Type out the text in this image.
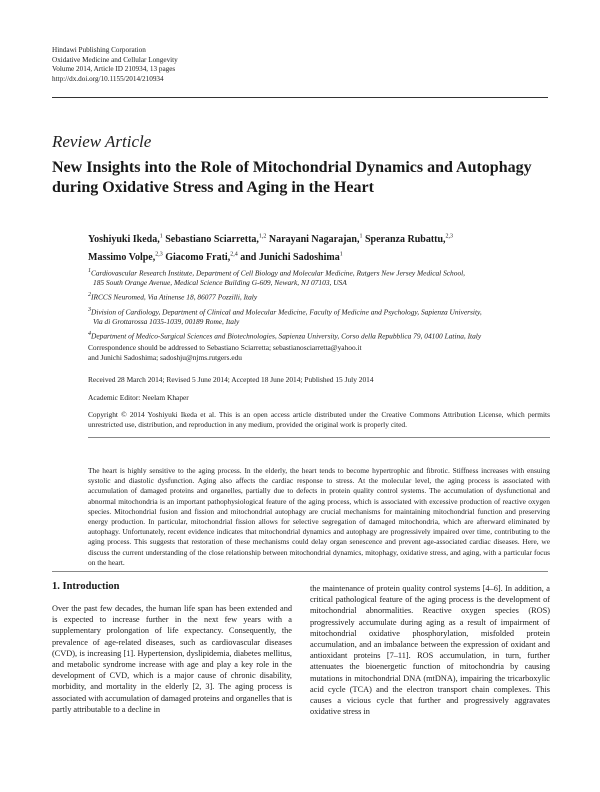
Hindawi Publishing Corporation
Oxidative Medicine and Cellular Longevity
Volume 2014, Article ID 210934, 13 pages
http://dx.doi.org/10.1155/2014/210934
Review Article
New Insights into the Role of Mitochondrial Dynamics and Autophagy during Oxidative Stress and Aging in the Heart
Yoshiyuki Ikeda,$^1$ Sebastiano Sciarretta,$^{1,2}$ Narayani Nagarajan,$^1$ Speranza Rubattu,$^{2,3}$
Massimo Volpe,$^{2,3}$ Giacomo Frati,$^{2,4}$ and Junichi Sadoshima$^1$
$^1$Cardiovascular Research Institute, Department of Cell Biology and Molecular Medicine, Rutgers New Jersey Medical School,
185 South Orange Avenue, Medical Science Building G-609, Newark, NJ 07103, USA
$^2$IRCCS Neuromed, Via Atinense 18, 86077 Pozzilli, Italy
$^3$Division of Cardiology, Department of Clinical and Molecular Medicine, Faculty of Medicine and Psychology, Sapienza University,
Via di Grottarossa 1035-1039, 00189 Rome, Italy
$^4$Department of Medico-Surgical Sciences and Biotechnologies, Sapienza University, Corso della Repubblica 79, 04100 Latina, Italy
Correspondence should be addressed to Sebastiano Sciarretta; sebastianosciarretta@yahoo.it
and Junichi Sadoshima; sadoshju@njms.rutgers.edu
Received 28 March 2014; Revised 5 June 2014; Accepted 18 June 2014; Published 15 July 2014
Academic Editor: Neelam Khaper
Copyright © 2014 Yoshiyuki Ikeda et al. This is an open access article distributed under the Creative Commons Attribution License, which permits unrestricted use, distribution, and reproduction in any medium, provided the original work is properly cited.
The heart is highly sensitive to the aging process. In the elderly, the heart tends to become hypertrophic and fibrotic. Stiffness increases with ensuing systolic and diastolic dysfunction. Aging also affects the cardiac response to stress. At the molecular level, the aging process is associated with accumulation of damaged proteins and organelles, partially due to defects in protein quality control systems. The accumulation of dysfunctional and abnormal mitochondria is an important pathophysiological feature of the aging process, which is associated with excessive production of reactive oxygen species. Mitochondrial fusion and fission and mitochondrial autophagy are crucial mechanisms for maintaining mitochondrial function and preserving energy production. In particular, mitochondrial fission allows for selective segregation of damaged mitochondria, which are afterward eliminated by autophagy. Unfortunately, recent evidence indicates that mitochondrial dynamics and autophagy are progressively impaired over time, contributing to the aging process. This suggests that restoration of these mechanisms could delay organ senescence and prevent age-associated cardiac diseases. Here, we discuss the current understanding of the close relationship between mitochondrial dynamics, mitophagy, oxidative stress, and aging, with a particular focus on the heart.
1. Introduction

Over the past few decades, the human life span has been extended and is expected to increase further in the next few years with a supplementary prolongation of life expectancy. Consequently, the prevalence of age-related diseases, such as cardiovascular diseases (CVD), is increasing [1]. Hypertension, dyslipidemia, diabetes mellitus, and metabolic syndrome increase with age and play a key role in the development of CVD, which is a major cause of chronic disability, morbidity, and mortality in the elderly [2, 3]. The aging process is associated with accumulation of damaged proteins and organelles that is partly attributable to a decline in

the maintenance of protein quality control systems [4–6]. In addition, a critical pathological feature of the aging process is the development of mitochondrial abnormalities. Reactive oxygen species (ROS) progressively accumulate during aging as a result of impairment of mitochondrial oxidative phosphorylation, misfolded protein accumulation, and an imbalance between the expression of oxidant and antioxidant proteins [7–11]. ROS accumulation, in turn, further attenuates the bioenergetic function of mitochondria by causing mutations in mitochondrial DNA (mtDNA), impairing the tricarboxylic acid cycle (TCA) and the electron transport chain complexes. This causes a vicious cycle that further and progressively aggravates oxidative stress in
